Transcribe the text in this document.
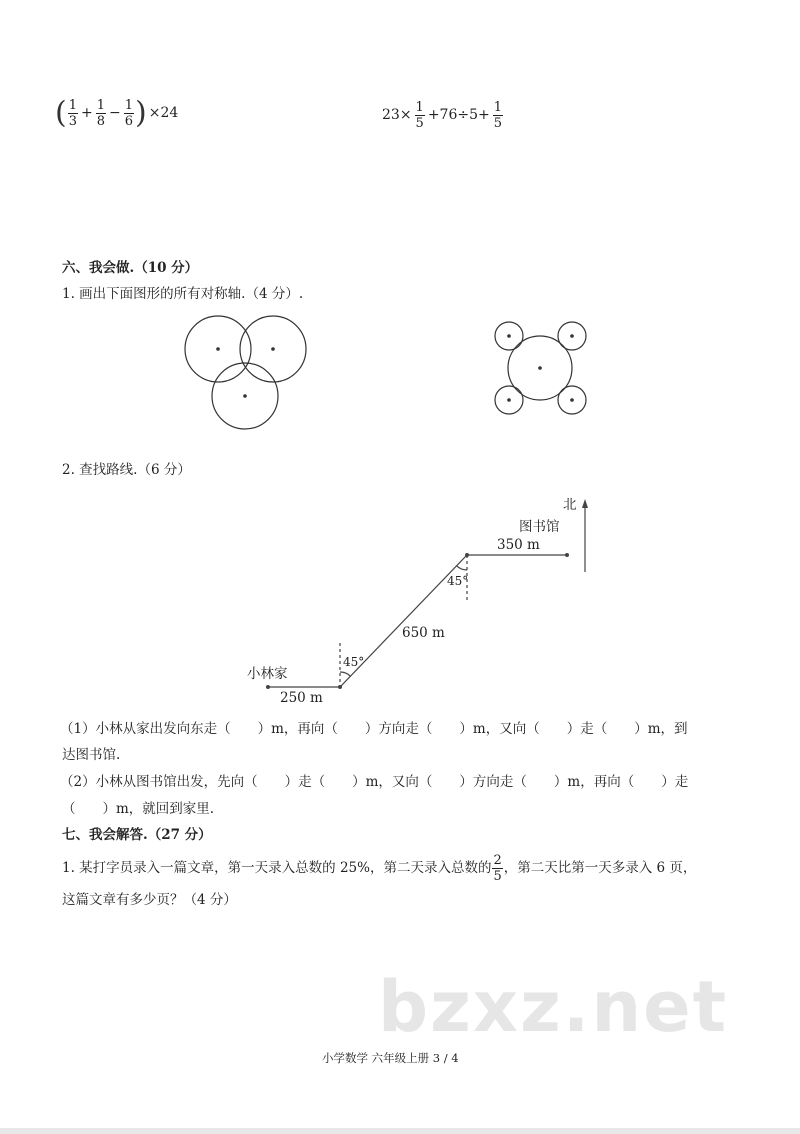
( $\frac{1}{3} + \frac{1}{8} - \frac{1}{6}$ ) ×24	$23\times \frac{1}{5} +76\div 5+ \frac{1}{5}$
六、我会做.（10 分）
1. 画出下面图形的所有对称轴.（4 分）.
2. 查找路线.（6 分）
北
图书馆
350 m
45°
650 m
45°
小林家
250 m
（1）小林从家出发向东走（　　）m，再向（　　）方向走（　　）m，又向（　　）走（　　）m，到
达图书馆.
（2）小林从图书馆出发，先向（　　）走（　　）m，又向（　　）方向走（　　）m，再向（　　）走
（　　）m，就回到家里.
七、我会解答.（27 分）
1. 某打字员录入一篇文章，第一天录入总数的 25%，第二天录入总数的 $\frac{2}{5}$ ，第二天比第一天多录入 6 页，
这篇文章有多少页？（4 分）
bzxz.net
小学数学 六年级上册 3 / 4
